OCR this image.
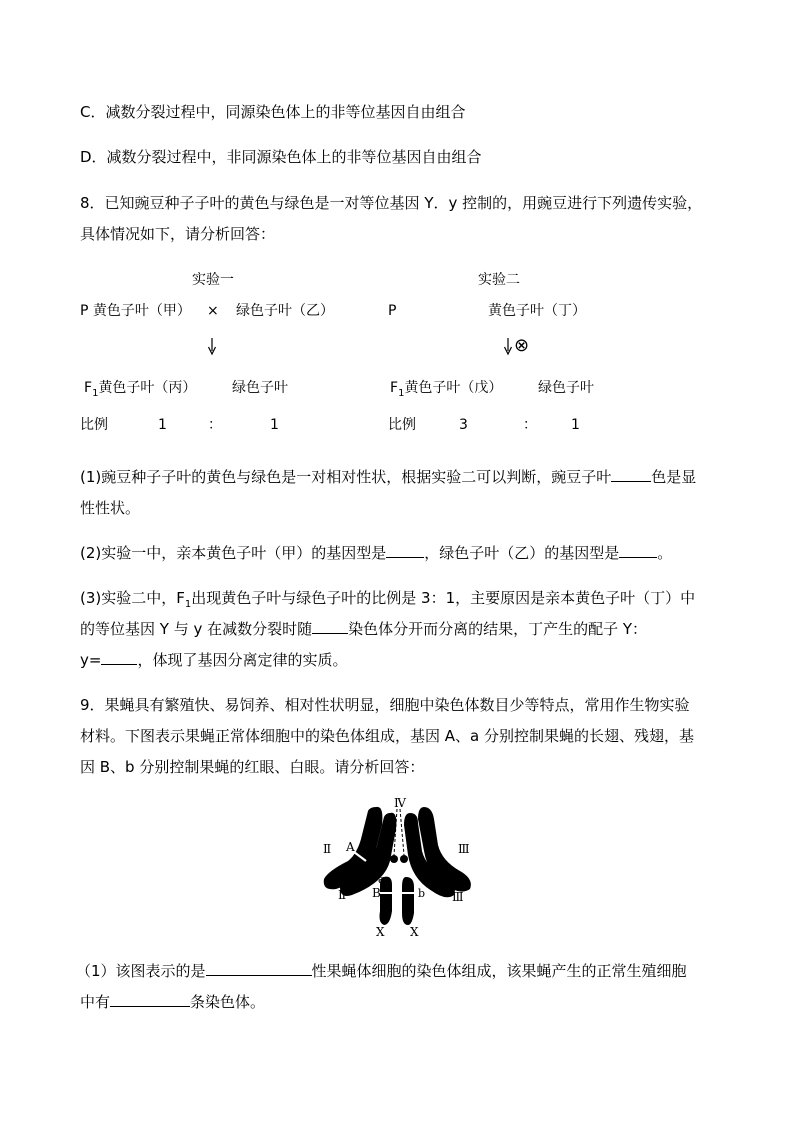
C．减数分裂过程中，同源染色体上的非等位基因自由组合
D．减数分裂过程中，非同源染色体上的非等位基因自由组合
8．已知豌豆种子子叶的黄色与绿色是一对等位基因 Y．y 控制的，用豌豆进行下列遗传实验，
具体情况如下，请分析回答：
实验一
P 黄色子叶（甲） × 绿色子叶（乙）
$F_1$黄色子叶（丙）	绿色子叶
比例	1	：	1
实验二
P	黄色子叶（丁）
⊗
$F_1$黄色子叶（戊）	绿色子叶
比例	3	： 1
(1)豌豆种子子叶的黄色与绿色是一对相对性状，根据实验二可以判断，豌豆子叶	色是显
性性状。
(2)实验一中，亲本黄色子叶（甲）的基因型是	，绿色子叶（乙）的基因型是	。
(3)实验二中，$F_1$出现黄色子叶与绿色子叶的比例是 3：1，主要原因是亲本黄色子叶（丁）中
的等位基因 Y 与 y 在减数分裂时随 染色体分开而分离的结果，丁产生的配子 Y：
y= ，体现了基因分离定律的实质。
9．果蝇具有繁殖快、易饲养、相对性状明显，细胞中染色体数目少等特点，常用作生物实验
材料。下图表示果蝇正常体细胞中的染色体组成，基因 A、a 分别控制果蝇的长翅、残翅，基
因 B、b 分别控制果蝇的红眼、白眼。请分析回答：
Ⅳ
Ⅱ
Ⅱ
Ⅲ
Ⅲ
A
a
B	b
X X
（1）该图表示的是	性果蝇体细胞的染色体组成，该果蝇产生的正常生殖细胞
中有	条染色体。
